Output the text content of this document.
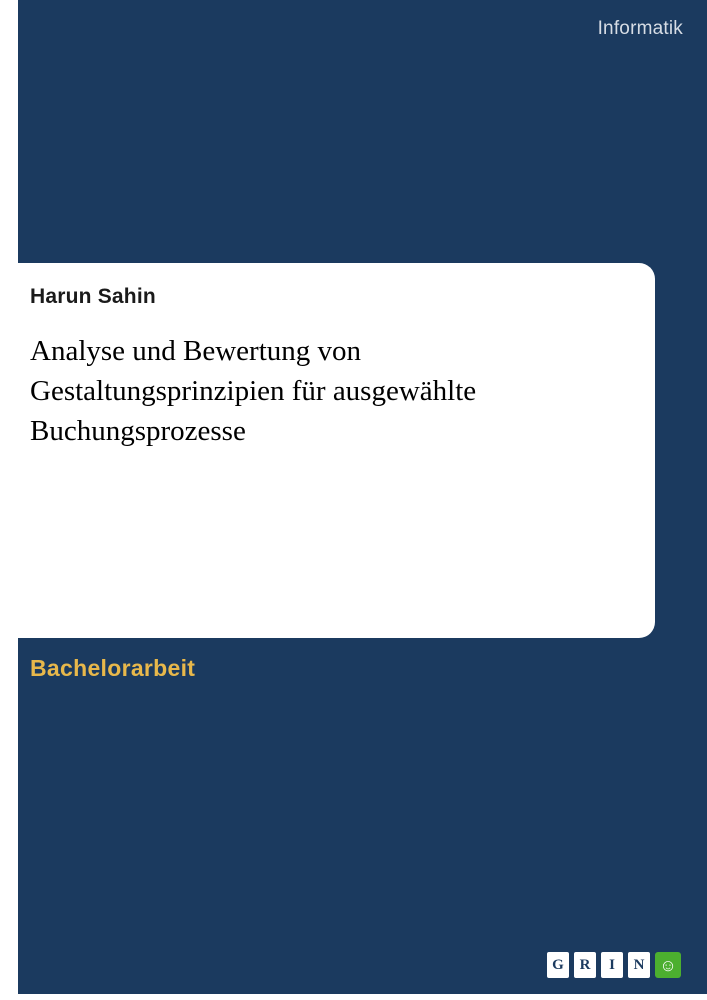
Informatik
Harun Sahin
Analyse und Bewertung von Gestaltungsprinzipien für ausgewählte Buchungsprozesse
Bachelorarbeit
G	R	I	N ☺
